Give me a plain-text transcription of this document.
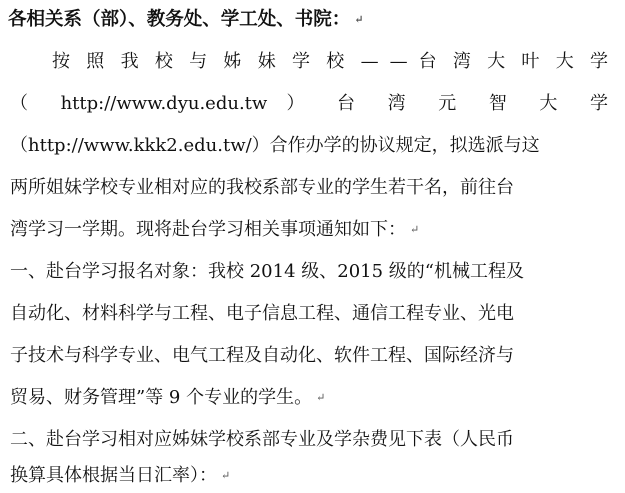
各相关系（部）、教务处、学工处、书院： ↵
按 照 我 校 与 姊 妹 学 校 — — 台 湾 大 叶 大 学
（ http://www.dyu.edu.tw ） 台 湾 元 智 大 学
（http://www.kkk2.edu.tw/）合作办学的协议规定，拟选派与这
两所姐妹学校专业相对应的我校系部专业的学生若干名，前往台
湾学习一学期。现将赴台学习相关事项通知如下： ↵
一、赴台学习报名对象：我校 2014 级、2015 级的“机械工程及
自动化、材料科学与工程、电子信息工程、通信工程专业、光电
子技术与科学专业、电气工程及自动化、软件工程、国际经济与
贸易、财务管理”等 9 个专业的学生。 ↵
二、赴台学习相对应姊妹学校系部专业及学杂费见下表（人民币
换算具体根据当日汇率）： ↵
